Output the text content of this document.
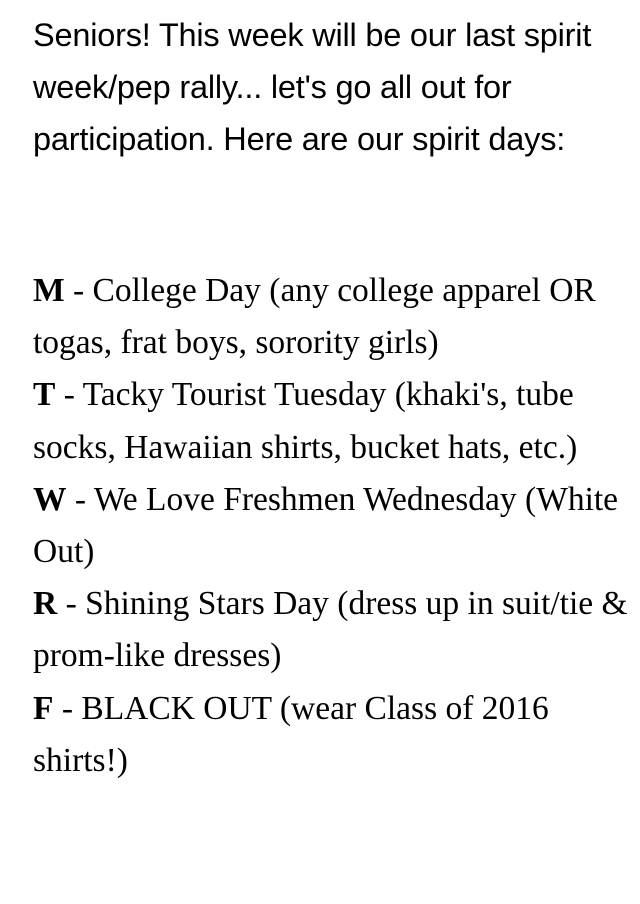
Seniors! This week will be our last spirit week/pep rally... let's go all out for participation. Here are our spirit days:

M - College Day (any college apparel OR togas, frat boys, sorority girls)
T - Tacky Tourist Tuesday (khaki's, tube socks, Hawaiian shirts, bucket hats, etc.)
W - We Love Freshmen Wednesday (White Out)
R - Shining Stars Day (dress up in suit/tie & prom-like dresses)
F - BLACK OUT (wear Class of 2016 shirts!)
